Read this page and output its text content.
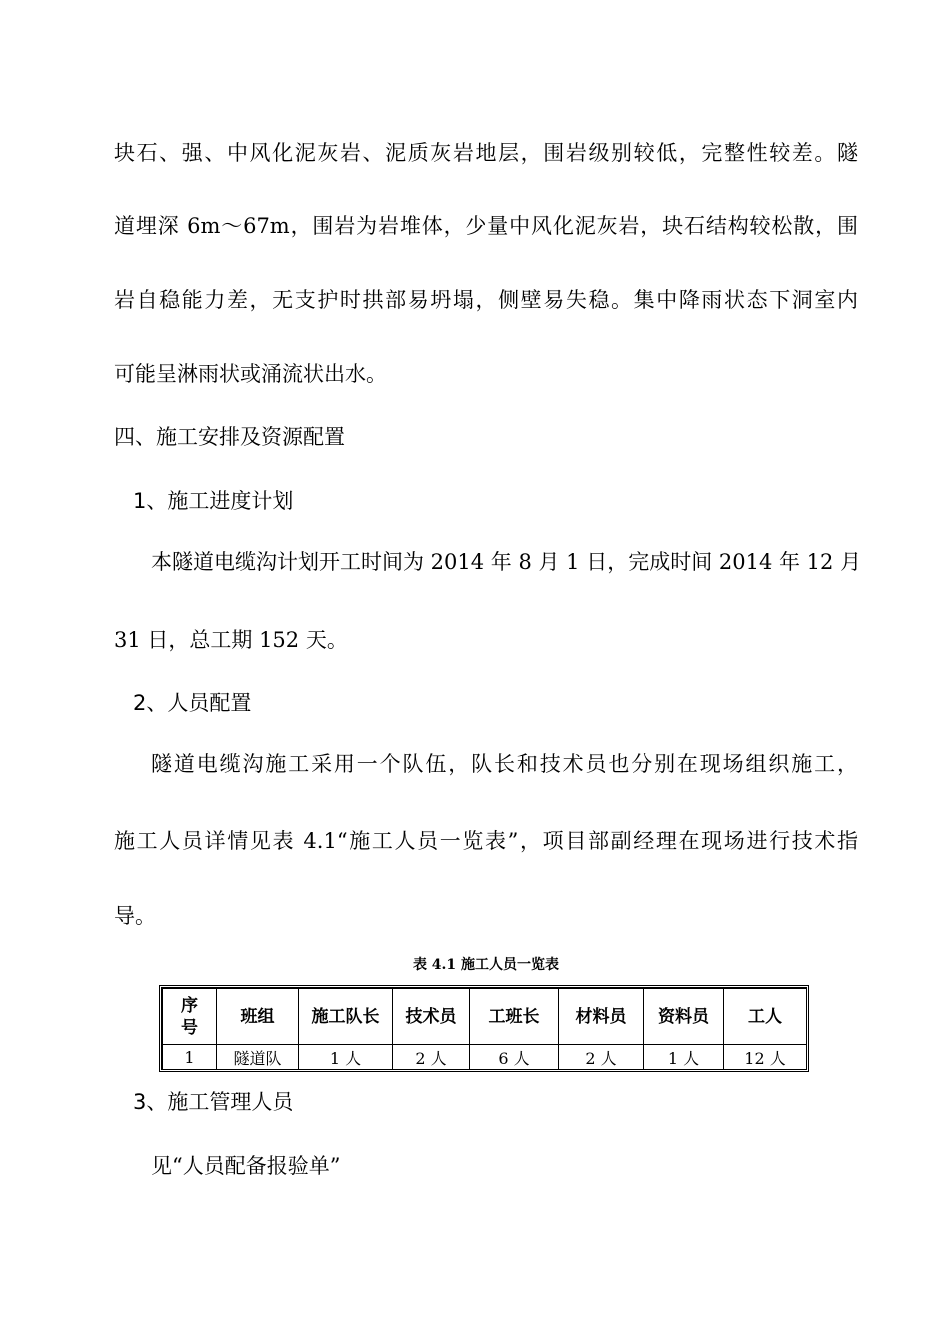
块石、强、中风化泥灰岩、泥质灰岩地层，围岩级别较低，完整性较差。隧
道埋深 6m～67m，围岩为岩堆体，少量中风化泥灰岩，块石结构较松散，围
岩自稳能力差，无支护时拱部易坍塌，侧壁易失稳。集中降雨状态下洞室内
可能呈淋雨状或涌流状出水。
四、施工安排及资源配置
1、施工进度计划
本隧道电缆沟计划开工时间为 2014 年 8 月 1 日，完成时间 2014 年 12 月
31 日，总工期 152 天。
2、人员配置
隧道电缆沟施工采用一个队伍，队长和技术员也分别在现场组织施工，
施工人员详情见表 4.1“施工人员一览表”，项目部副经理在现场进行技术指
导。
表 4.1 施工人员一览表
序号	班组	施工队长	技术员	工班长	材料员	资料员	工人
1	隧道队	1 人	2 人	6 人	2 人	1 人	12 人
3、施工管理人员
见“人员配备报验单”
